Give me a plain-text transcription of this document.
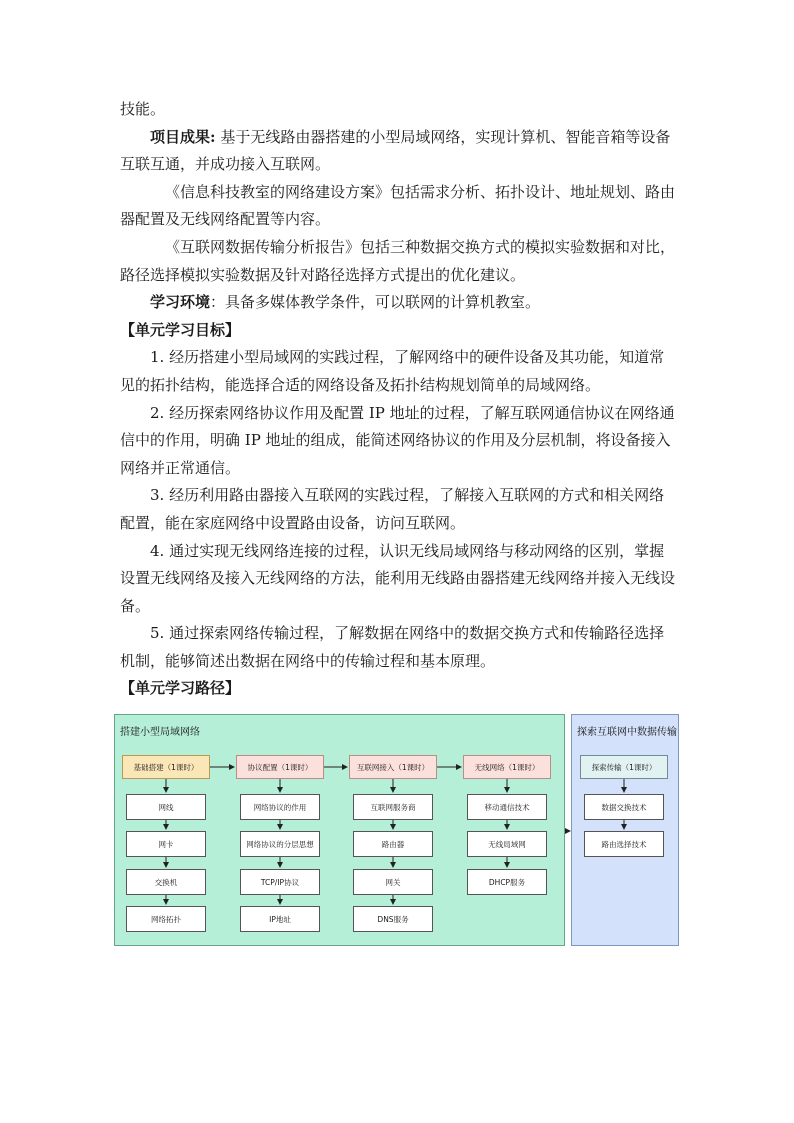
技能。

项目成果: 基于无线路由器搭建的小型局域网络，实现计算机、智能音箱等设备互联互通，并成功接入互联网。

《信息科技教室的网络建设方案》包括需求分析、拓扑设计、地址规划、路由器配置及无线网络配置等内容。

《互联网数据传输分析报告》包括三种数据交换方式的模拟实验数据和对比，路径选择模拟实验数据及针对路径选择方式提出的优化建议。

学习环境：具备多媒体教学条件，可以联网的计算机教室。

【单元学习目标】

1. 经历搭建小型局域网的实践过程，了解网络中的硬件设备及其功能，知道常见的拓扑结构，能选择合适的网络设备及拓扑结构规划简单的局域网络。

2. 经历探索网络协议作用及配置 IP 地址的过程，了解互联网通信协议在网络通信中的作用，明确 IP 地址的组成，能简述网络协议的作用及分层机制，将设备接入网络并正常通信。

3. 经历利用路由器接入互联网的实践过程，了解接入互联网的方式和相关网络配置，能在家庭网络中设置路由设备，访问互联网。

4. 通过实现无线网络连接的过程，认识无线局域网络与移动网络的区别，掌握设置无线网络及接入无线网络的方法，能利用无线路由器搭建无线网络并接入无线设备。

5. 通过探索网络传输过程，了解数据在网络中的数据交换方式和传输路径选择机制，能够简述出数据在网络中的传输过程和基本原理。

【单元学习路径】

搭建小型局域网络	探索互联网中数据传输
基础搭建（1课时）
网线
网卡
交换机
网络拓扑
协议配置（1课时）
网络协议的作用
网络协议的分层思想
TCP/IP协议
IP地址
互联网接入（1课时）
互联网服务商
路由器
网关
DNS服务
无线网络（1课时）
移动通信技术
无线局域网
DHCP服务
探索传输（1课时）
数据交换技术
路由选择技术
